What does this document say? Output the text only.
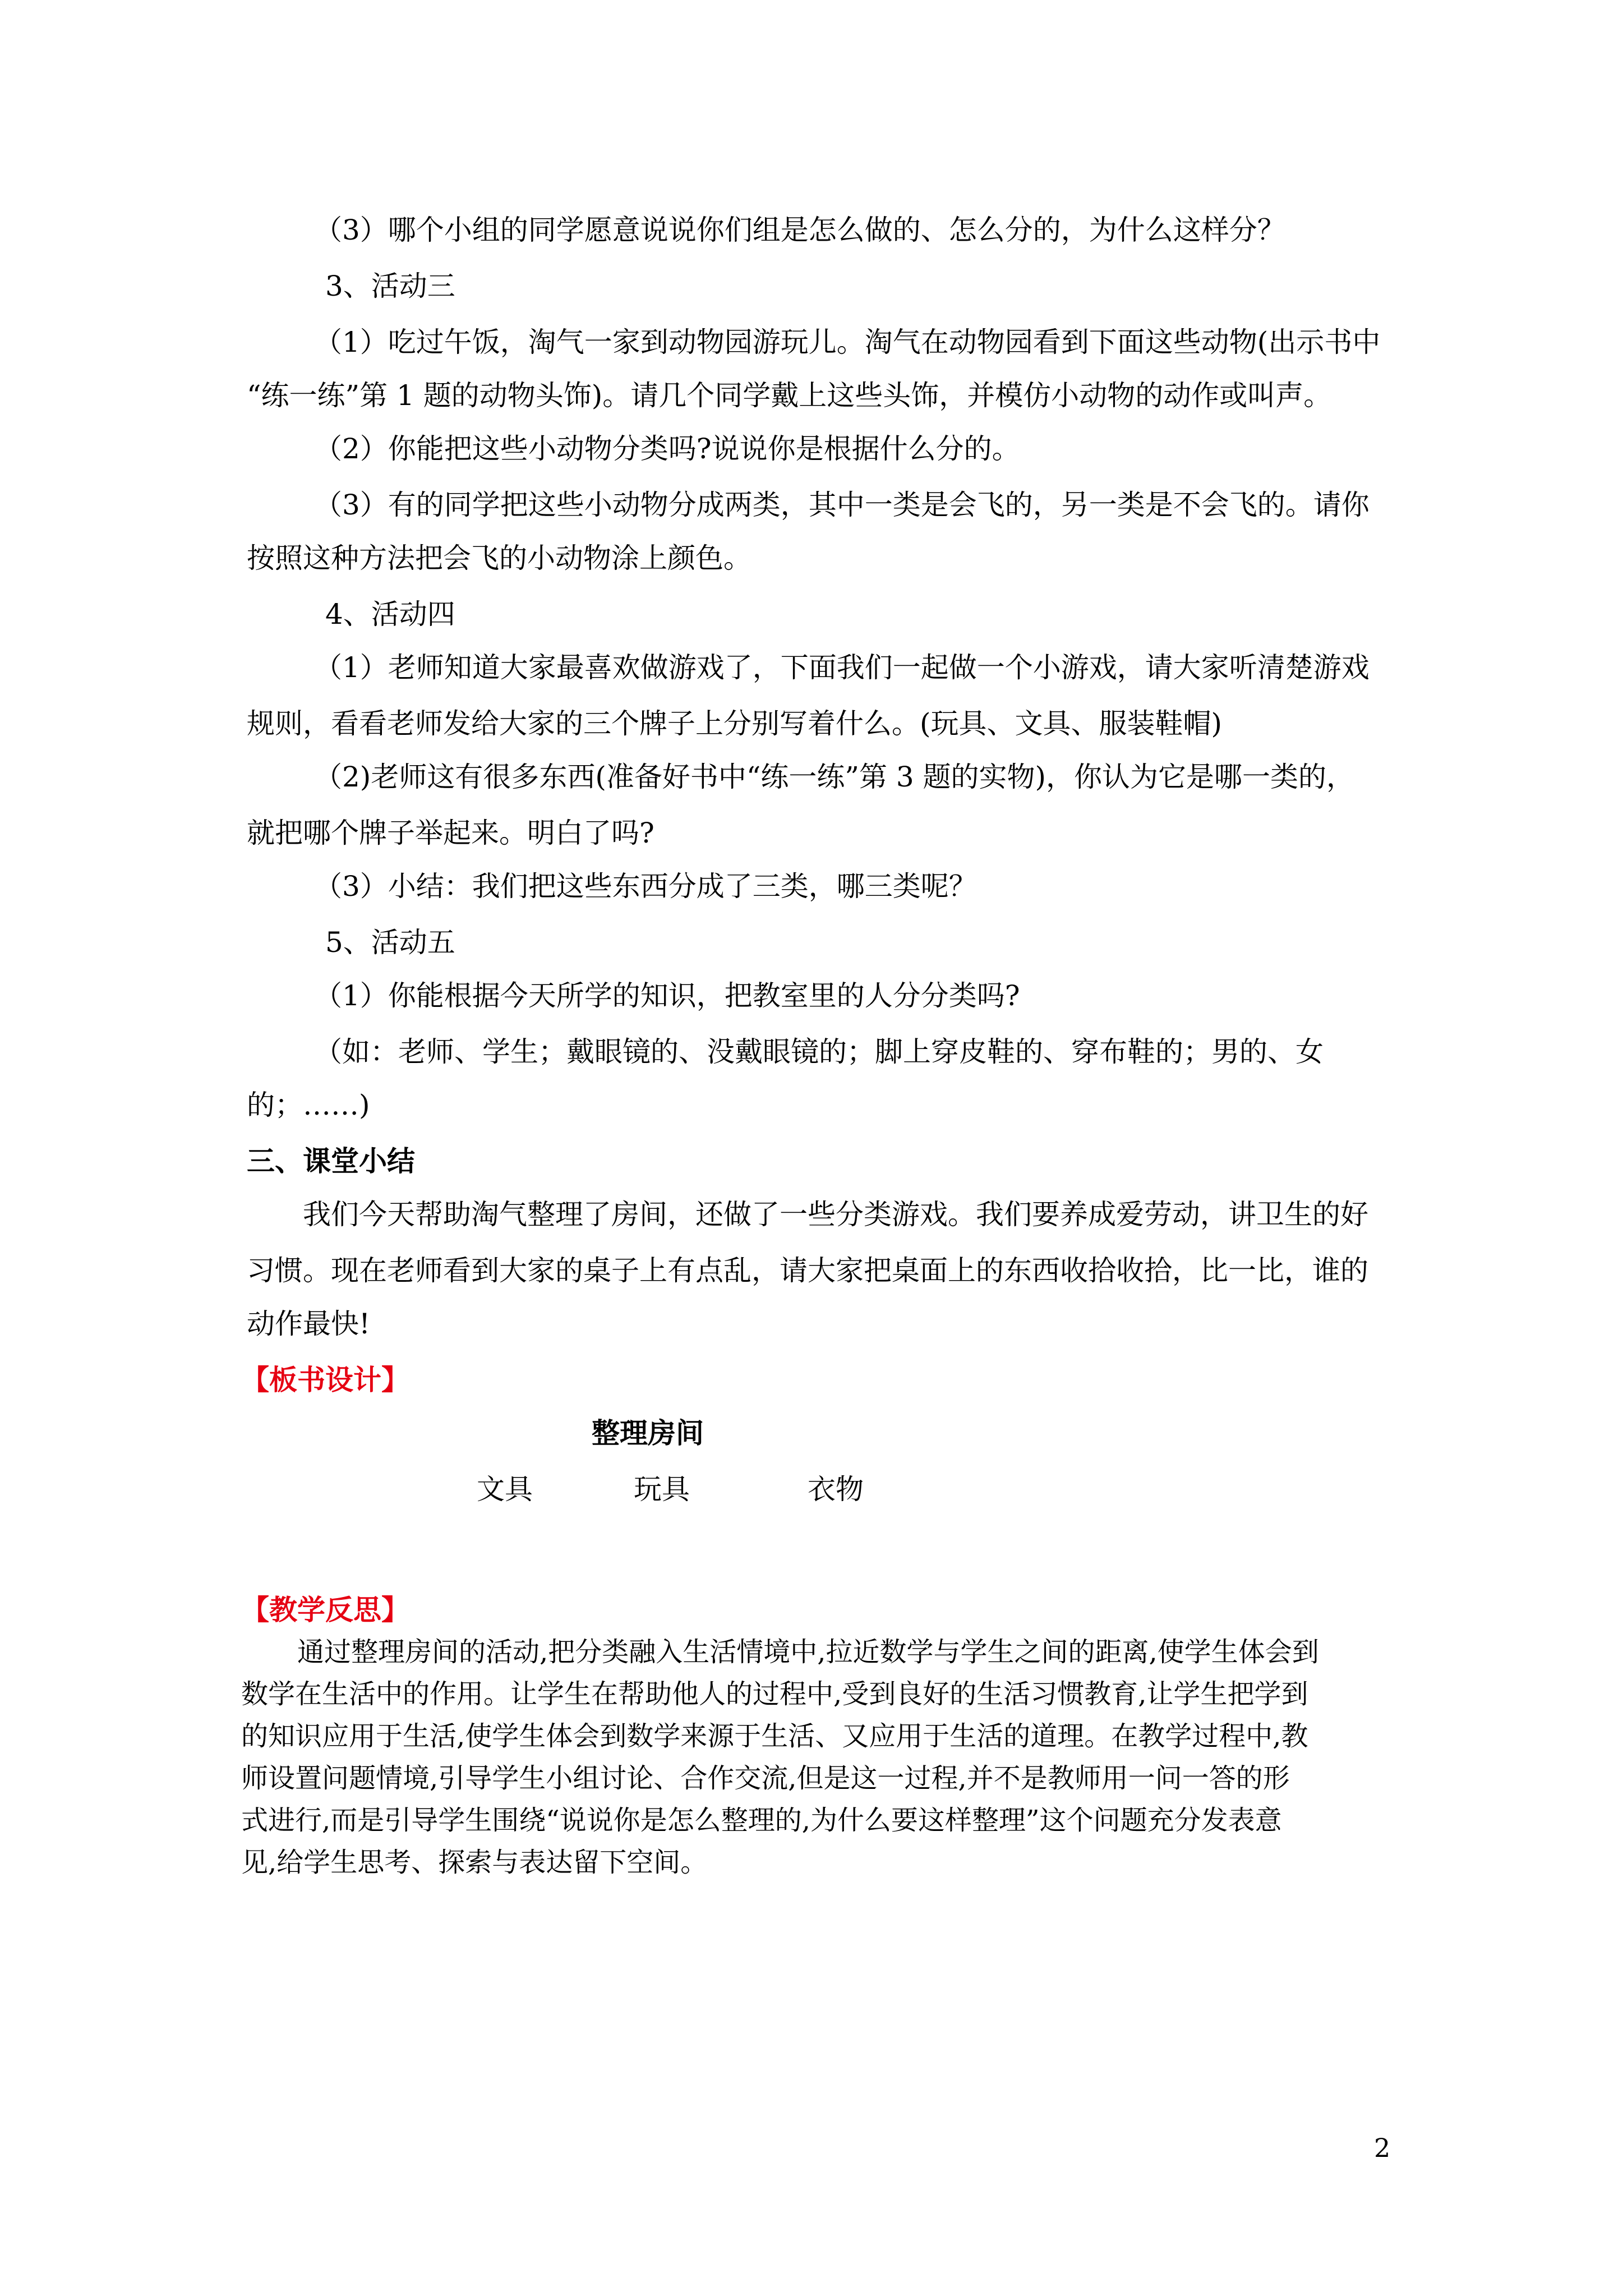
（3）哪个小组的同学愿意说说你们组是怎么做的、怎么分的，为什么这样分？

3、活动三

（1）吃过午饭，淘气一家到动物园游玩儿。淘气在动物园看到下面这些动物(出示书中

“练一练”第 1 题的动物头饰)。请几个同学戴上这些头饰，并模仿小动物的动作或叫声。

（2）你能把这些小动物分类吗?说说你是根据什么分的。

（3）有的同学把这些小动物分成两类，其中一类是会飞的，另一类是不会飞的。请你

按照这种方法把会飞的小动物涂上颜色。

4、活动四

（1）老师知道大家最喜欢做游戏了，下面我们一起做一个小游戏，请大家听清楚游戏

规则，看看老师发给大家的三个牌子上分别写着什么。(玩具、文具、服装鞋帽)

（2)老师这有很多东西(准备好书中“练一练”第 3 题的实物)，你认为它是哪一类的，

就把哪个牌子举起来。明白了吗?

（3）小结：我们把这些东西分成了三类，哪三类呢？

5、活动五

（1）你能根据今天所学的知识，把教室里的人分分类吗?

（如：老师、学生；戴眼镜的、没戴眼镜的；脚上穿皮鞋的、穿布鞋的；男的、女

的；……)

三、课堂小结

我们今天帮助淘气整理了房间，还做了一些分类游戏。我们要养成爱劳动，讲卫生的好

习惯。现在老师看到大家的桌子上有点乱，请大家把桌面上的东西收拾收拾，比一比，谁的

动作最快!

【板书设计】

整理房间

文具	玩具	衣物

【教学反思】

通过整理房间的活动,把分类融入生活情境中,拉近数学与学生之间的距离,使学生体会到

数学在生活中的作用。让学生在帮助他人的过程中,受到良好的生活习惯教育,让学生把学到

的知识应用于生活,使学生体会到数学来源于生活、又应用于生活的道理。在教学过程中,教

师设置问题情境,引导学生小组讨论、合作交流,但是这一过程,并不是教师用一问一答的形

式进行,而是引导学生围绕“说说你是怎么整理的,为什么要这样整理”这个问题充分发表意

见,给学生思考、探索与表达留下空间。

2
